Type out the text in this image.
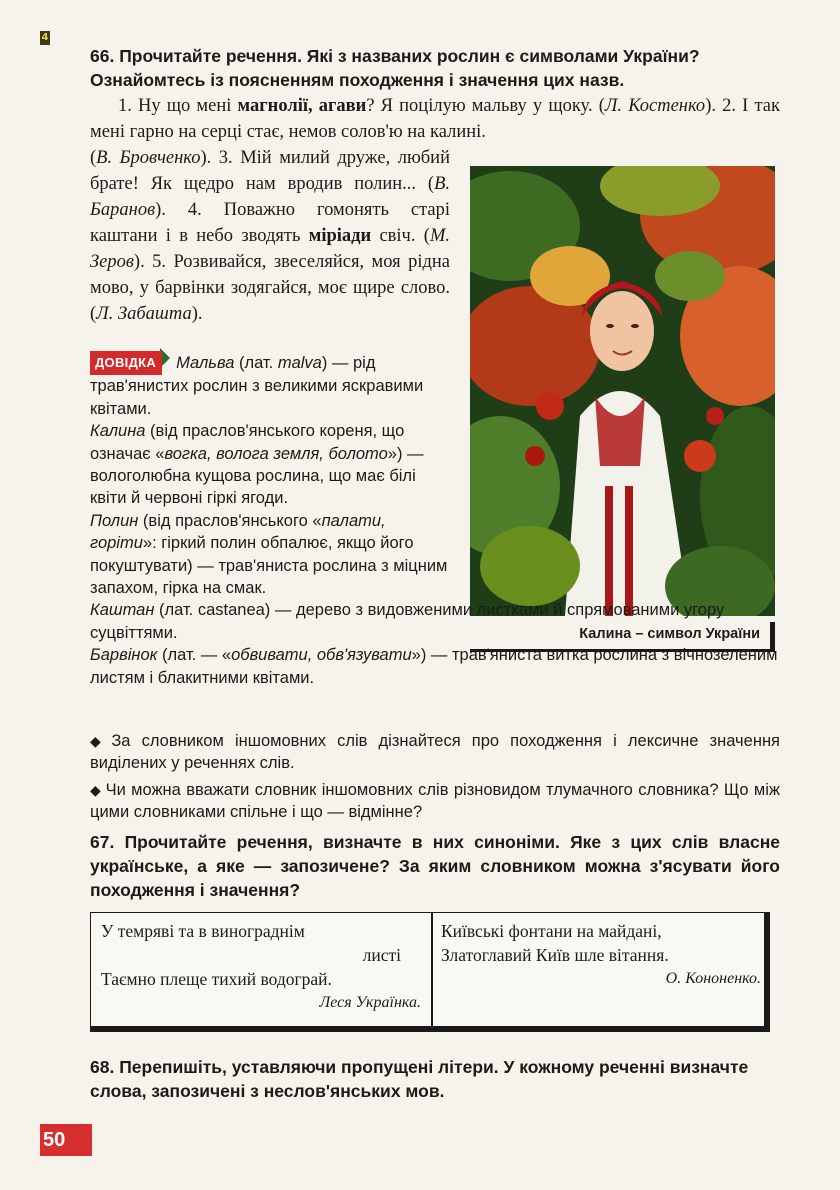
4
66. Прочитайте речення. Які з названих рослин є символами України? Ознайомтесь із поясненням походження і значення цих назв.

1. Ну що мені магнолії, агави? Я поцілую мальву у щоку. (Л. Костенко). 2. І так мені гарно на серці стає, немов солов'ю на калині.

(В. Бровченко). 3. Мій милий друже, любий брате! Як щедро нам вродив полин... (В. Баранов). 4. Поважно гомонять старі каштани і в небо зводять міріади свіч. (М. Зеров). 5. Розвивайся, звеселяйся, моя рідна мово, у барвінки зодягайся, моє щире слово. (Л. Забашта).

Калина – символ України

ДОВІДКА Мальва (лат. malva) — рід трав'янистих рослин з великими яскравими квітами.

Калина (від праслов'янського кореня, що означає «вогка, волога земля, болото») — вологолюбна кущова рослина, що має білі квіти й червоні гіркі ягоди.

Полин (від праслов'янського «палати, горіти»: гіркий полин обпалює, якщо його покуштувати) — трав'яниста рослина з міцним запахом, гірка на смак.

Каштан (лат. castanea) — дерево з видовженими листками й спрямованими угору суцвіттями.

Барвінок (лат. — «обвивати, обв'язувати») — трав'яниста витка рослина з вічнозеленим листям і блакитними квітами.

◆ За словником іншомовних слів дізнайтеся про походження і лексичне значення виділених у реченнях слів.

◆ Чи можна вважати словник іншомовних слів різновидом тлумачного словника? Що між цими словниками спільне і що — відмінне?

67. Прочитайте речення, визначте в них синоніми. Яке з цих слів власне українське, а яке — запозичене? За яким словником можна з'ясувати його походження і значення?
У темряві та в винограднім
листі
Таємно плеще тихий водограй.
Леся Українка.
Київські фонтани на майдані,
Златоглавий Київ шле вітання.
О. Кононенко.
68. Перепишіть, уставляючи пропущені літери. У кожному реченні визначте слова, запозичені з неслов'янських мов.
50
